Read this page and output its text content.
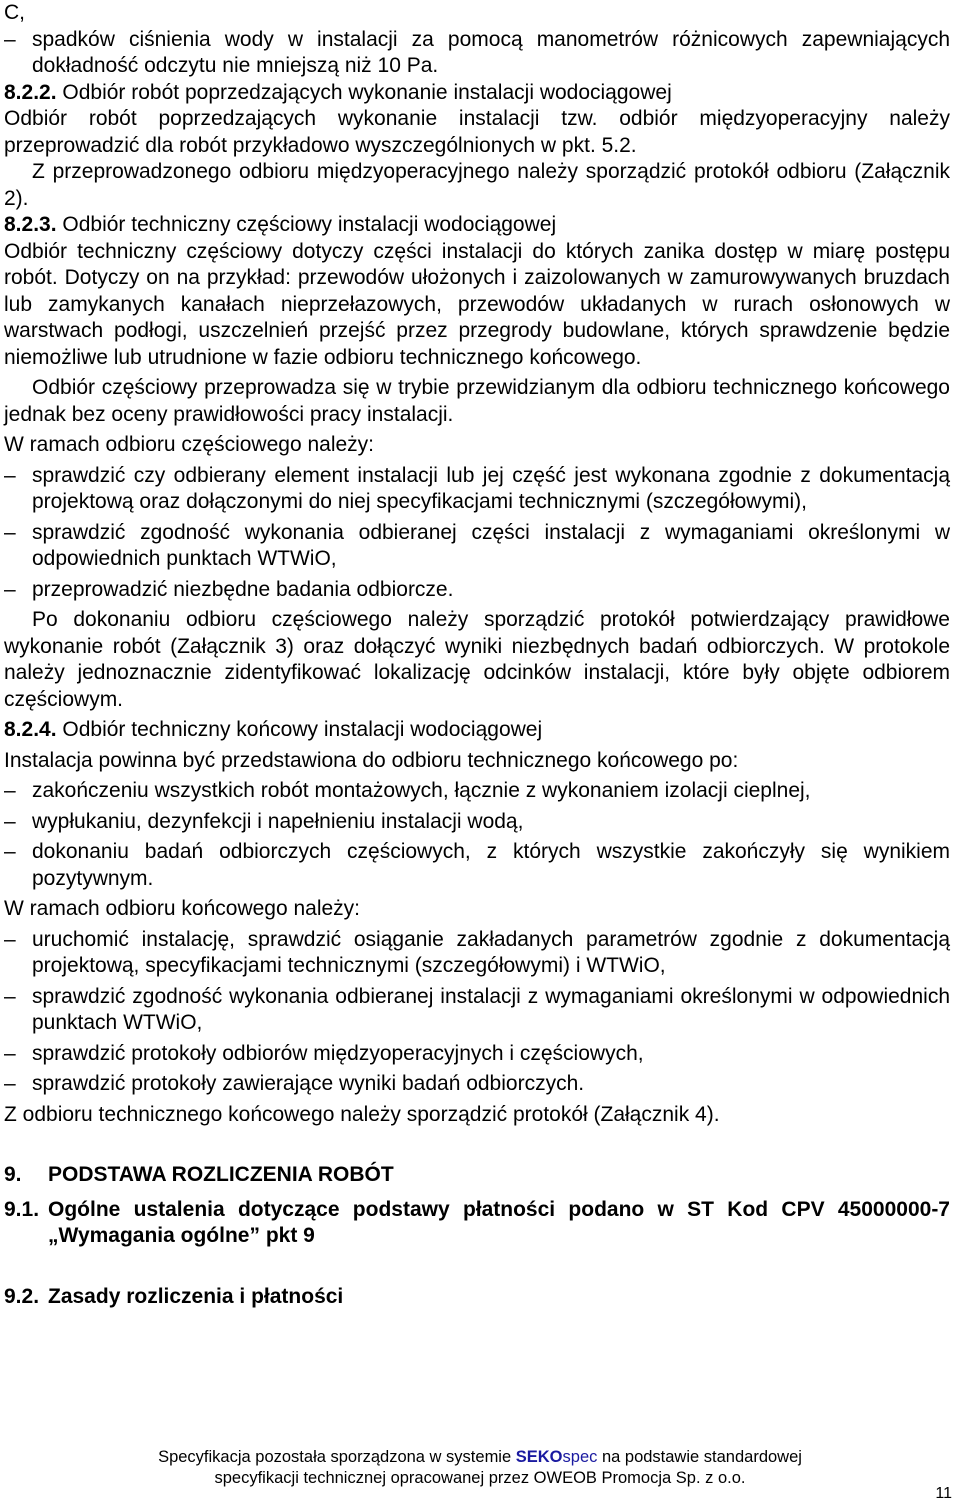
C,

– spadków ciśnienia wody w instalacji za pomocą manometrów różnicowych zapewniających dokładność odczytu nie mniejszą niż 10 Pa.

8.2.2. Odbiór robót poprzedzających wykonanie instalacji wodociągowej

Odbiór robót poprzedzających wykonanie instalacji tzw. odbiór międzyoperacyjny należy przeprowadzić dla robót przykładowo wyszczególnionych w pkt. 5.2.

Z przeprowadzonego odbioru międzyoperacyjnego należy sporządzić protokół odbioru (Załącznik 2).

8.2.3. Odbiór techniczny częściowy instalacji wodociągowej

Odbiór techniczny częściowy dotyczy części instalacji do których zanika dostęp w miarę postępu robót. Dotyczy on na przykład: przewodów ułożonych i zaizolowanych w zamurowywanych bruzdach lub zamykanych kanałach nieprzełazowych, przewodów układanych w rurach osłonowych w warstwach podłogi, uszczelnień przejść przez przegrody budowlane, których sprawdzenie będzie niemożliwe lub utrudnione w fazie odbioru technicznego końcowego.

Odbiór częściowy przeprowadza się w trybie przewidzianym dla odbioru technicznego końcowego jednak bez oceny prawidłowości pracy instalacji.

W ramach odbioru częściowego należy:

– sprawdzić czy odbierany element instalacji lub jej część jest wykonana zgodnie z dokumentacją projektową oraz dołączonymi do niej specyfikacjami technicznymi (szczegółowymi),
– sprawdzić zgodność wykonania odbieranej części instalacji z wymaganiami określonymi w odpowiednich punktach WTWiO,
– przeprowadzić niezbędne badania odbiorcze.

Po dokonaniu odbioru częściowego należy sporządzić protokół potwierdzający prawidłowe wykonanie robót (Załącznik 3) oraz dołączyć wyniki niezbędnych badań odbiorczych. W protokole należy jednoznacznie zidentyfikować lokalizację odcinków instalacji, które były objęte odbiorem częściowym.

8.2.4. Odbiór techniczny końcowy instalacji wodociągowej

Instalacja powinna być przedstawiona do odbioru technicznego końcowego po:

– zakończeniu wszystkich robót montażowych, łącznie z wykonaniem izolacji cieplnej,
– wypłukaniu, dezynfekcji i napełnieniu instalacji wodą,
– dokonaniu badań odbiorczych częściowych, z których wszystkie zakończyły się wynikiem pozytywnym.

W ramach odbioru końcowego należy:

– uruchomić instalację, sprawdzić osiąganie zakładanych parametrów zgodnie z dokumentacją projektową, specyfikacjami technicznymi (szczegółowymi) i WTWiO,
– sprawdzić zgodność wykonania odbieranej instalacji z wymaganiami określonymi w odpowiednich punktach WTWiO,
– sprawdzić protokoły odbiorów międzyoperacyjnych i częściowych,
– sprawdzić protokoły zawierające wyniki badań odbiorczych.

Z odbioru technicznego końcowego należy sporządzić protokół (Załącznik 4).

9.	PODSTAWA ROZLICZENIA ROBÓT
9.1. Ogólne ustalenia dotyczące podstawy płatności podano w ST Kod CPV 45000000-7 „Wymagania ogólne” pkt 9
9.2. Zasady rozliczenia i płatności
Specyfikacja pozostała sporządzona w systemie SEKOspec na podstawie standardowej
specyfikacji technicznej opracowanej przez OWEOB Promocja Sp. z o.o.
11
